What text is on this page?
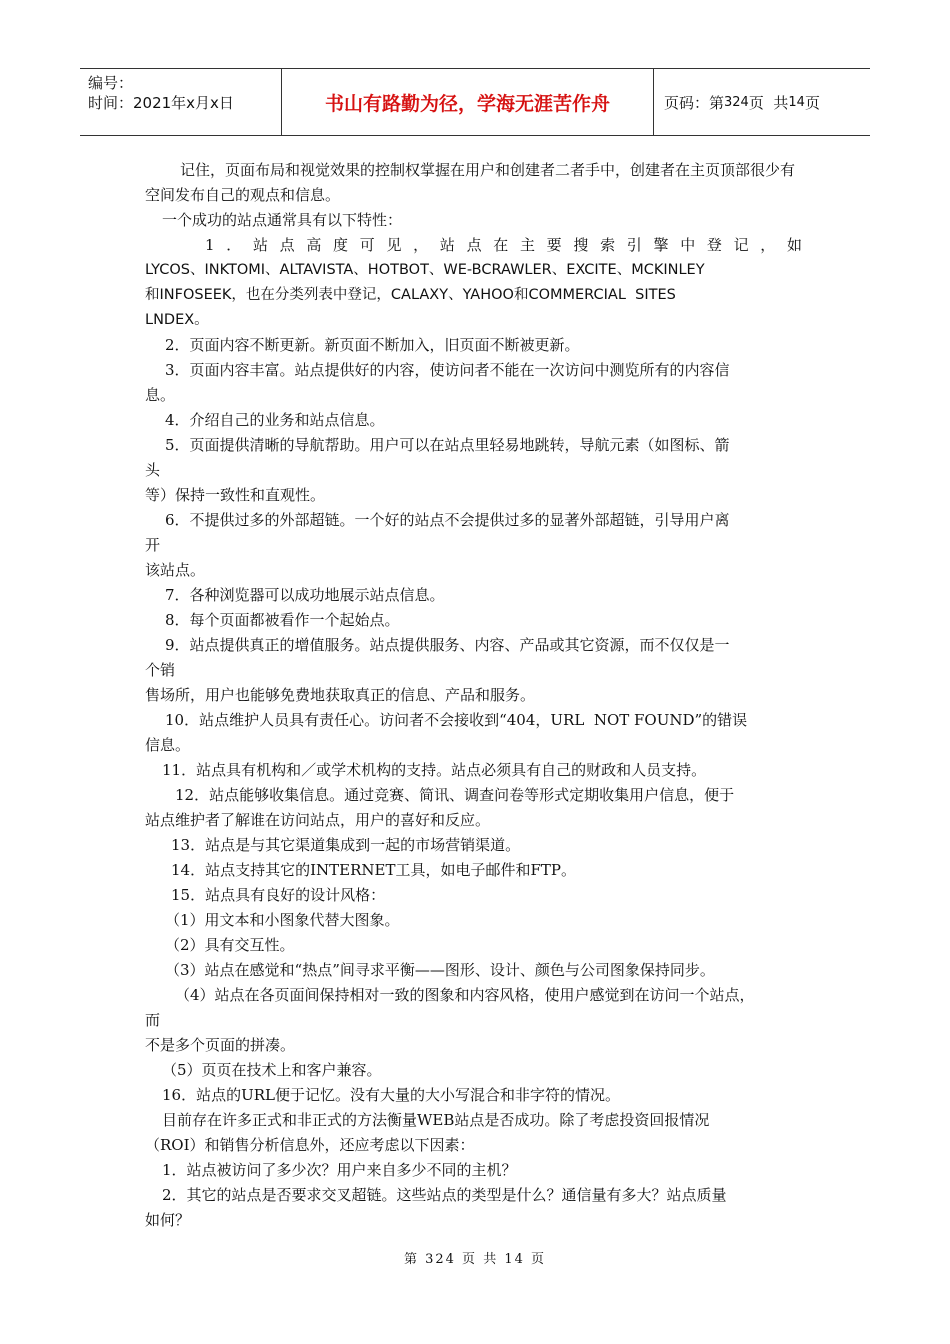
编号：
时间：2021年x月x日	书山有路勤为径，学海无涯苦作舟	页码：第 324 页  共 14 页

记住，页面布局和视觉效果的控制权掌握在用户和创建者二者手中，创建者在主页顶部很少有空间发布自己的观点和信息。

一个成功的站点通常具有以下特性：

1．站点高度可见，站点在主要搜索引擎中登记，如

LYCOS、INKTOMI、ALTAVISTA、HOTBOT、WE-BCRAWLER、EXCITE、MCKINLEY

和INFOSEEK，也在分类列表中登记，CALAXY、YAHOO和COMMERCIAL  SITES

LNDEX。

2．页面内容不断更新。新页面不断加入，旧页面不断被更新。

3．页面内容丰富。站点提供好的内容，使访问者不能在一次访问中测览所有的内容信

息。

4．介绍自己的业务和站点信息。

5．页面提供清晰的导航帮助。用户可以在站点里轻易地跳转，导航元素（如图标、箭

头

等）保持一致性和直观性。

6．不提供过多的外部超链。一个好的站点不会提供过多的显著外部超链，引导用户离

开

该站点。

7．各种浏览器可以成功地展示站点信息。

8．每个页面都被看作一个起始点。

9．站点提供真正的增值服务。站点提供服务、内容、产品或其它资源，而不仅仅是一

个销

售场所，用户也能够免费地获取真正的信息、产品和服务。

10．站点维护人员具有责任心。访问者不会接收到“404，URL  NOT FOUND”的错误

信息。

11．站点具有机构和／或学术机构的支持。站点必须具有自己的财政和人员支持。

12．站点能够收集信息。通过竞赛、简讯、调查问卷等形式定期收集用户信息，便于

站点维护者了解谁在访问站点，用户的喜好和反应。

13．站点是与其它渠道集成到一起的市场营销渠道。

14．站点支持其它的INTERNET工具，如电子邮件和FTP。

15．站点具有良好的设计风格：

（1）用文本和小图象代替大图象。

（2）具有交互性。

（3）站点在感觉和“热点”间寻求平衡——图形、设计、颜色与公司图象保持同步。

（4）站点在各页面间保持相对一致的图象和内容风格，使用户感觉到在访问一个站点，

而

不是多个页面的拼凑。

（5）页页在技术上和客户兼容。

16．站点的URL便于记忆。没有大量的大小写混合和非字符的情况。

目前存在许多正式和非正式的方法衡量WEB站点是否成功。除了考虑投资回报情况

（ROI）和销售分析信息外，还应考虑以下因素：

1．站点被访问了多少次？用户来自多少不同的主机？

2．其它的站点是否要求交叉超链。这些站点的类型是什么？通信量有多大？站点质量

如何？

第 324 页 共 14 页
